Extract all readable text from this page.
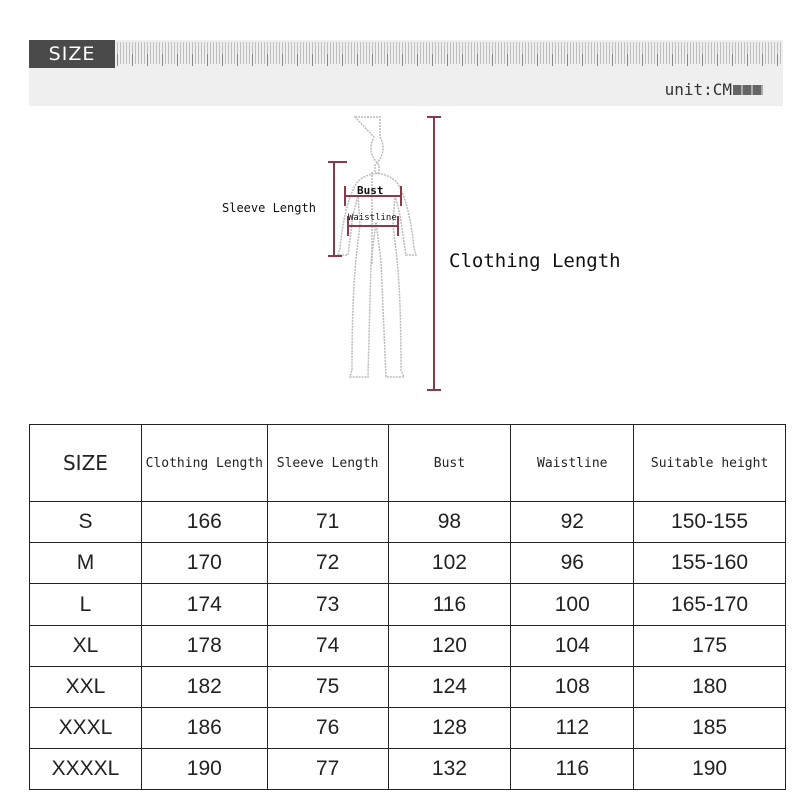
SIZE
unit:CM
Sleeve Length
Bust
Waistline
Clothing Length
SIZE	Clothing Length	Sleeve Length	Bust	Waistline	Suitable height
S	166	71	98	92	150-155
M	170	72	102	96	155-160
L	174	73	116	100	165-170
XL	178	74	120	104	175
XXL	182	75	124	108	180
XXXL	186	76	128	112	185
XXXXL	190	77	132	116	190
